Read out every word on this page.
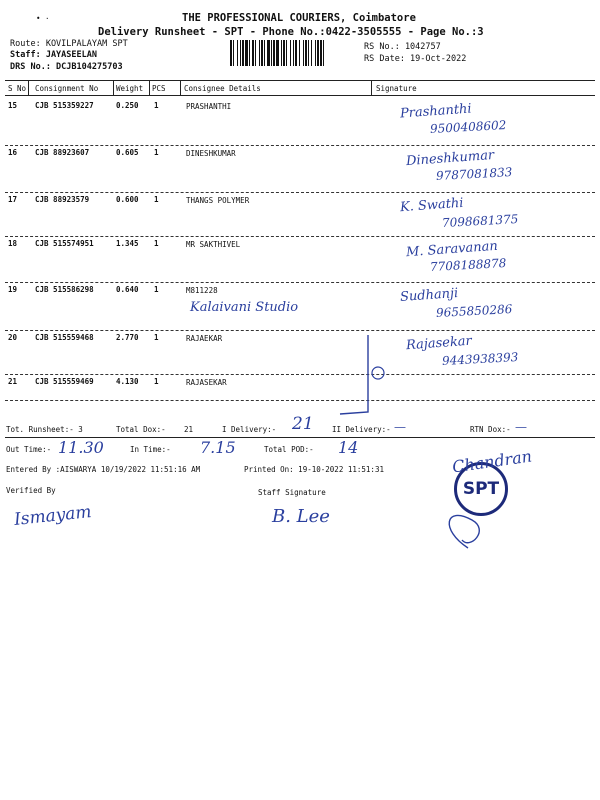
• ·	THE PROFESSIONAL COURIERS, Coimbatore
Delivery Runsheet - SPT - Phone No.:0422-3505555 - Page No.:3
Route: KOVILPALAYAM SPT
Staff: JAYASEELAN
DRS No.: DCJB104275703
RS No.: 1042757
RS Date: 19-Oct-2022
S No Consignment No Weight PCS Consignee Details	Signature
15 CJB 515359227	0.250 1	PRASHANTHI	Prashanthi
9500408602
16 CJB 88923607	0.605 1	DINESHKUMAR	Dineshkumar
9787081833
17 CJB 88923579	0.600 1	THANGS POLYMER	K. Swathi
7098681375
18 CJB 515574951	1.345 1	MR SAKTHIVEL	M. Saravanan
7708188878
19 CJB 515586298	0.640 1	M811228
Kalaivani Studio
Sudhanji
9655850286
20 CJB 515559468	2.770 1	RAJAEKAR	Rajasekar
9443938393
21 CJB 515559469	4.130 1	RAJASEKAR
Tot. Runsheet:- 3	Total Dox:- 21	I Delivery:- 21 II Delivery:- —	RTN Dox:- —
Out Time:- 11.30	In Time:- 7.15	Total POD:- 14
Entered By :AISWARYA 10/19/2022 11:51:16 AM	Printed On: 19-10-2022 11:51:31
Verified By
Ismayam
Staff Signature
B. Lee
SPT
Chandran
